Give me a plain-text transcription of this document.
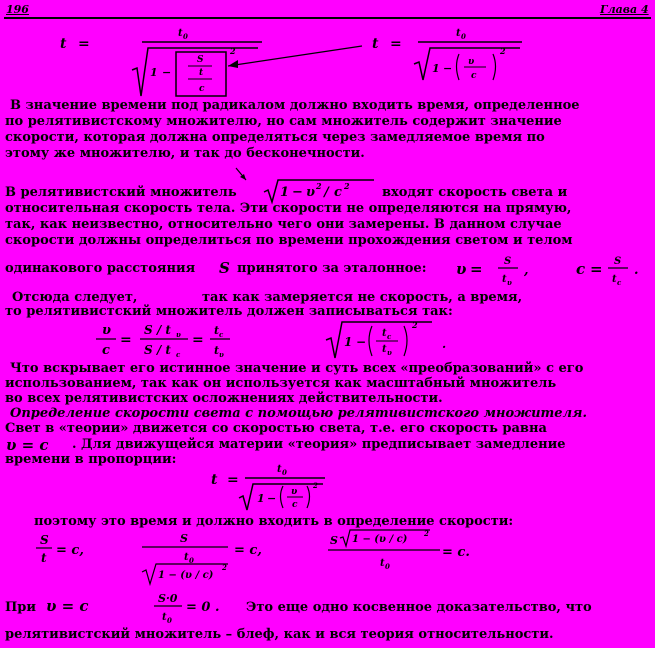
196	Глава 4
t =
t 0
1 −
S
t
c
2	t =
t 0
1 − υ
c
2
В значение времени под радикалом должно входить время, определенное
по релятивистскому множителю, но сам множитель содержит значение
скорости, которая должна определяться через замедляемое время по
этому же множителю, и так до бесконечности.
В релятивистский множитель	1 − υ 2 / c 2 входят скорость света и
относительная скорость тела. Эти скорости не определяются на прямую,
так, как неизвестно, относительно чего они замерены. В данном случае
скорости должны определиться по времени прохождения светом и телом
одинакового расстояния S принятого за эталонное: υ = S
t υ
,	c = S
t c
.
Отсюда следует,	так как замеряется не скорость, а время,
то релятивистский множитель должен записываться так:
υ
c
=
S / t υ
S / t c
=
t c
t υ
1 −
t c
t υ
2
.
Что вскрывает его истинное значение и суть всех «преобразований» с его
использованием, так как он используется как масштабный множитель
во всех релятивистских осложнениях действительности.
Определение скорости света с помощью релятивистского множителя.
Свет в «теории» движется со скоростью света, т.е. его скорость равна
υ = c . Для движущейся материи «теория» предписывает замедление
времени в пропорции:
t =
t 0
1 − υ
c
2
поэтому это время и должно входить в определение скорости:
S
t = c,
S
t 0
1 − (υ / c)
2
= c,
S 1 − (υ / c)
2
t 0
= c.
При υ = c	S·0
t 0
= 0 . Это еще одно косвенное доказательство, что
релятивистский множитель – блеф, как и вся теория относительности.
